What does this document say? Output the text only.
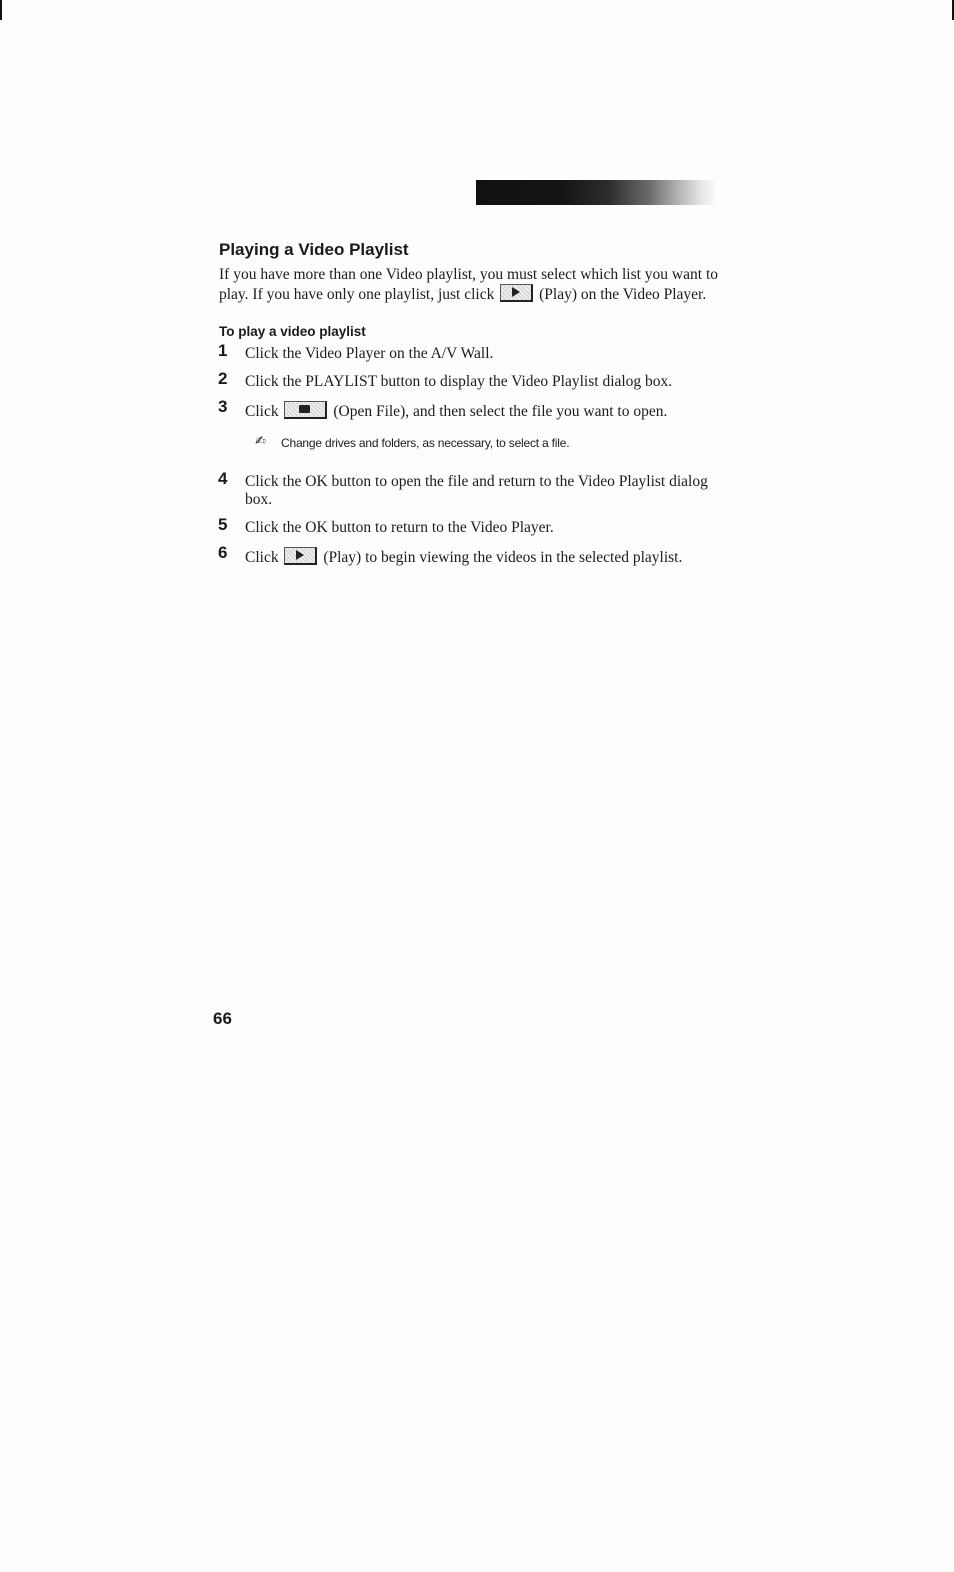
Playing a Video Playlist

If you have more than one Video playlist, you must select which list you want to play. If you have only one playlist, just click	(Play) on the Video Player.

To play a video playlist

1 Click the Video Player on the A/V Wall.

2 Click the PLAYLIST button to display the Video Playlist dialog box.

3 Click	(Open File), and then select the file you want to open.

✍ Change drives and folders, as necessary, to select a file.

4 Click the OK button to open the file and return to the Video Playlist dialog box.

5 Click the OK button to return to the Video Player.

6 Click	(Play) to begin viewing the videos in the selected playlist.

66
